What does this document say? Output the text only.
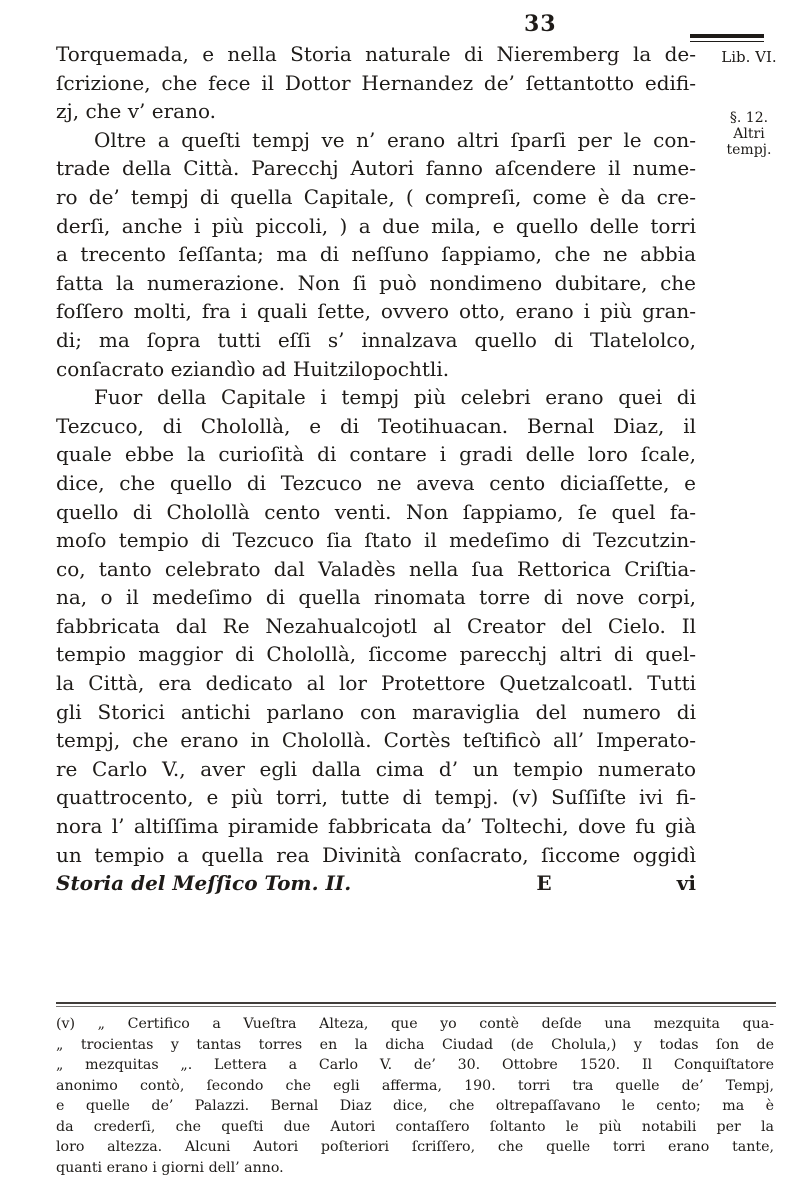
33
Lib. VI.
§. 12.
Altri
tempj.
Torquemada, e nella Storia naturale di Nieremberg la de-
ſcrizione, che fece il Dottor Hernandez de’ ſettantotto edifi-
zj, che v’ erano.
Oltre a queſti tempj ve n’ erano altri ſparſi per le con-
trade della Città. Parecchj Autori fanno aſcendere il nume-
ro de’ tempj di quella Capitale, ( compreſi, come è da cre-
derſi, anche i più piccoli, ) a due mila, e quello delle torri
a trecento ſeſſanta; ma di neſſuno ſappiamo, che ne abbia
fatta la numerazione. Non ſi può nondimeno dubitare, che
foſſero molti, fra i quali ſette, ovvero otto, erano i più gran-
di; ma ſopra tutti eſſi s’ innalzava quello di Tlatelolco,
conſacrato eziandìo ad Huitzilopochtli.
Fuor della Capitale i tempj più celebri erano quei di
Tezcuco, di Cholollà, e di Teotihuacan. Bernal Diaz, il
quale ebbe la curioſità di contare i gradi delle loro ſcale,
dice, che quello di Tezcuco ne aveva cento diciaſſette, e
quello di Cholollà cento venti. Non ſappiamo, ſe quel fa-
moſo tempio di Tezcuco ſia ſtato il medeſimo di Tezcutzin-
co, tanto celebrato dal Valadès nella ſua Rettorica Criſtia-
na, o il medeſimo di quella rinomata torre di nove corpi,
fabbricata dal Re Nezahualcojotl al Creator del Cielo. Il
tempio maggior di Cholollà, ſiccome parecchj altri di quel-
la Città, era dedicato al lor Protettore Quetzalcoatl. Tutti
gli Storici antichi parlano con maraviglia del numero di
tempj, che erano in Cholollà. Cortès teſtificò all’ Imperato-
re Carlo V., aver egli dalla cima d’ un tempio numerato
quattrocento, e più torri, tutte di tempj. (v) Suſſiſte ivi fi-
nora l’ altiſſima piramide fabbricata da’ Toltechi, dove fu già
un tempio a quella rea Divinità conſacrato, ſiccome oggidì
Storia del Meſſico Tom. II.	E	vi
(v) „ Certifico a Vueſtra Alteza, que yo contè deſde una mezquita qua-
„ trocientas y tantas torres en la dicha Ciudad (de Cholula,) y todas ſon de
„ mezquitas „. Lettera a Carlo V. de’ 30. Ottobre 1520. Il Conquiſtatore
anonimo contò, ſecondo che egli afferma, 190. torri tra quelle de’ Tempj,
e quelle de’ Palazzi. Bernal Diaz dice, che oltrepaſſavano le cento; ma è
da crederſi, che queſti due Autori contaſſero ſoltanto le più notabili per la
loro altezza. Alcuni Autori poſteriori ſcriſſero, che quelle torri erano tante,
quanti erano i giorni dell’ anno.
